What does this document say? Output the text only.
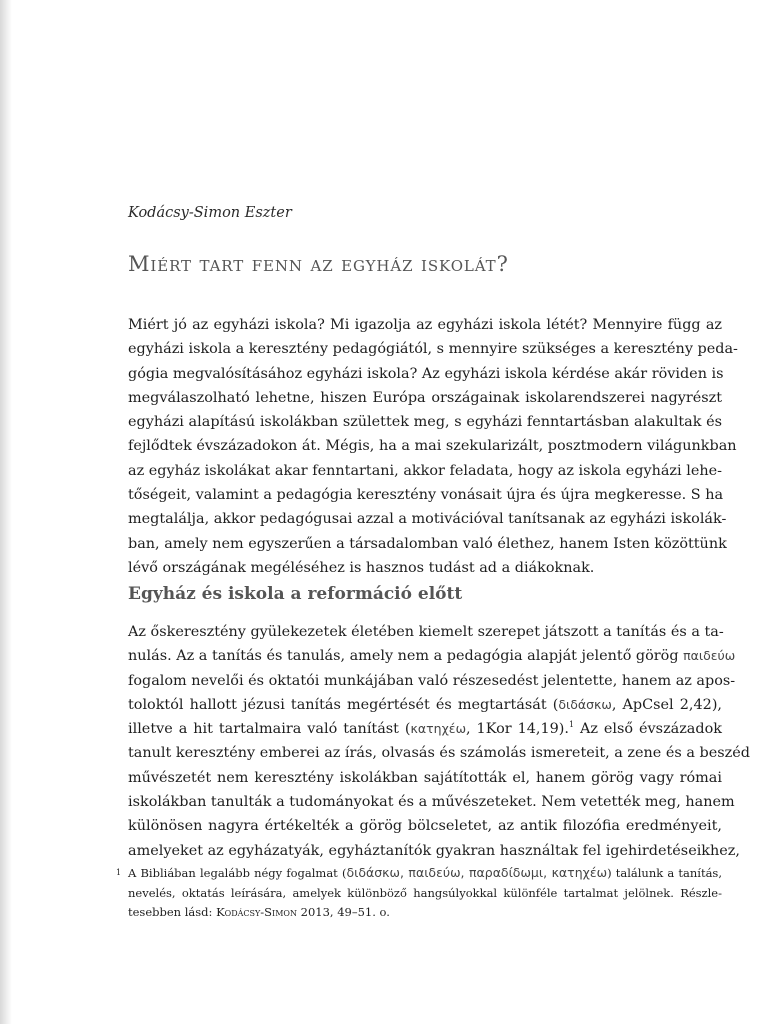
Kodácsy-Simon Eszter
Miért tart fenn az egyház iskolát?

Miért jó az egyházi iskola? Mi igazolja az egyházi iskola létét? Mennyire függ az
egyházi iskola a keresztény pedagógiától, s mennyire szükséges a keresztény peda-
gógia megvalósításához egyházi iskola? Az egyházi iskola kérdése akár röviden is
megválaszolható lehetne, hiszen Európa országainak iskolarendszerei nagyrészt
egyházi alapítású iskolákban születtek meg, s egyházi fenntartásban alakultak és
fejlődtek évszázadokon át. Mégis, ha a mai szekularizált, posztmodern világunkban
az egyház iskolákat akar fenntartani, akkor feladata, hogy az iskola egyházi lehe-
tőségeit, valamint a pedagógia keresztény vonásait újra és újra megkeresse. S ha
megtalálja, akkor pedagógusai azzal a motivációval tanítsanak az egyházi iskolák-
ban, amely nem egyszerűen a társadalomban való élethez, hanem Isten közöttünk
lévő országának megéléséhez is hasznos tudást ad a diákoknak.

Egyház és iskola a reformáció előtt

Az őskeresztény gyülekezetek életében kiemelt szerepet játszott a tanítás és a ta-
nulás. Az a tanítás és tanulás, amely nem a pedagógia alapját jelentő görög παιδεύω
fogalom nevelői és oktatói munkájában való részesedést jelentette, hanem az apos-
toloktól hallott jézusi tanítás megértését és megtartását (διδάσκω, ApCsel 2,42),
illetve a hit tartalmaira való tanítást (κατηχέω, 1Kor 14,19).$^1$ Az első évszázadok
tanult keresztény emberei az írás, olvasás és számolás ismereteit, a zene és a beszéd
művészetét nem keresztény iskolákban sajátították el, hanem görög vagy római
iskolákban tanulták a tudományokat és a művészeteket. Nem vetették meg, hanem
különösen nagyra értékelték a görög bölcseletet, az antik filozófia eredményeit,
amelyeket az egyházatyák, egyháztanítók gyakran használtak fel igehirdetéseikhez,

1 A Bibliában legalább négy fogalmat (διδάσκω, παιδεύω, παραδίδωμι, κατηχέω) találunk a tanítás,
nevelés, oktatás leírására, amelyek különböző hangsúlyokkal különféle tartalmat jelölnek. Részle-
tesebben lásd: Kodácsy-Simon 2013, 49–51. o.
